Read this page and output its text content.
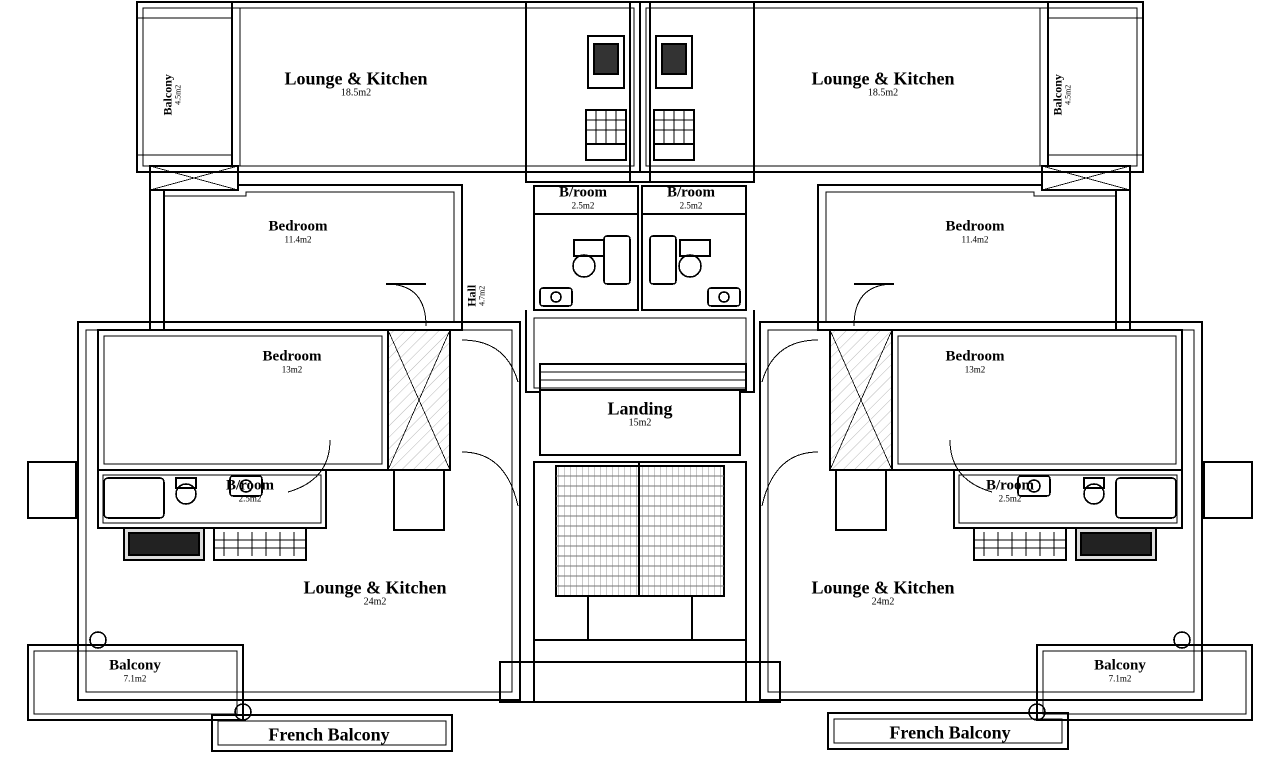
Balcony
4.5m2
Lounge & Kitchen
18.5m2
Lounge & Kitchen
18.5m2	Balcony
4.5m2
B/room
2.5m2
B/room
2.5m2
Bedroom
11.4m2
Bedroom
11.4m2
Hall
4.7m2
Bedroom
13m2
Bedroom
13m2
Landing
15m2
B/room
2.5m2
B/room
2.5m2
Lounge & Kitchen
24m2
Lounge & Kitchen
24m2
Balcony
7.1m2
Balcony
7.1m2
French Balcony	French Balcony
